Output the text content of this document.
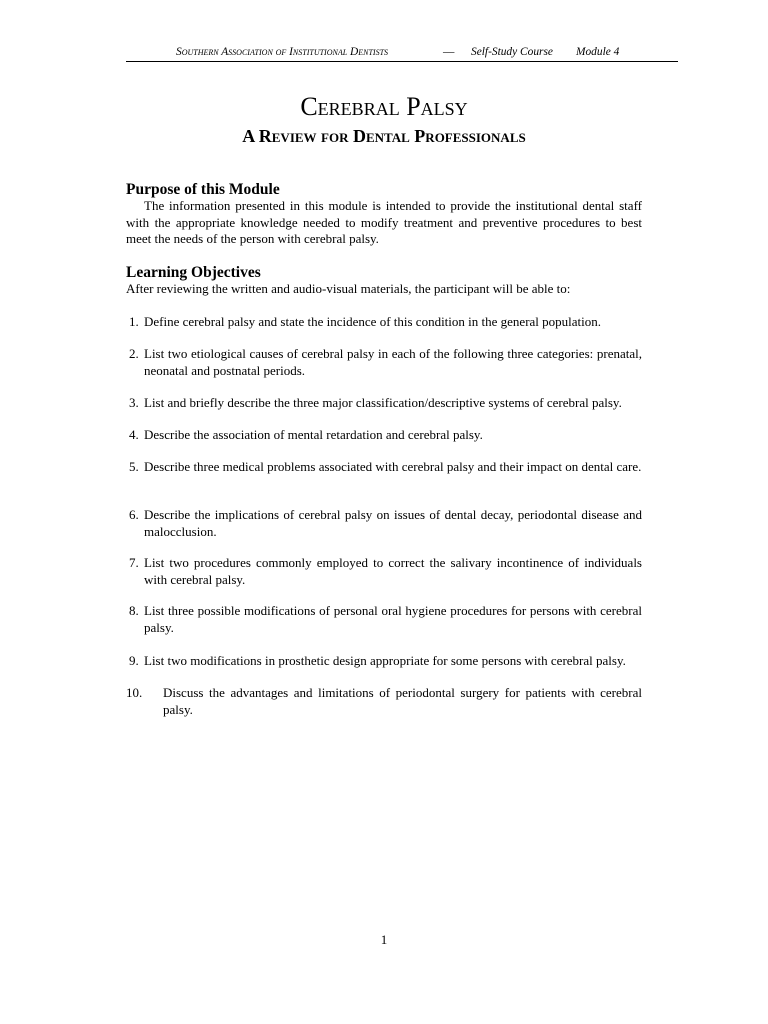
Southern Association of Institutional Dentists	— Self-Study Course Module 4
Cerebral Palsy
A Review for Dental Professionals
Purpose of this Module
The information presented in this module is intended to provide the institutional dental staff with the appropriate knowledge needed to modify treatment and preventive procedures to best meet the needs of the person with cerebral palsy.
Learning Objectives
After reviewing the written and audio-visual materials, the participant will be able to:
1. Define cerebral palsy and state the incidence of this condition in the general population.
2. List two etiological causes of cerebral palsy in each of the following three categories: prenatal, neonatal and postnatal periods.
3. List and briefly describe the three major classification/descriptive systems of cerebral palsy.
4. Describe the association of mental retardation and cerebral palsy.
5. Describe three medical problems associated with cerebral palsy and their impact on dental care.
6. Describe the implications of cerebral palsy on issues of dental decay, periodontal disease and malocclusion.
7. List two procedures commonly employed to correct the salivary incontinence of individuals with cerebral palsy.
8. List three possible modifications of personal oral hygiene procedures for persons with cerebral palsy.
9. List two modifications in prosthetic design appropriate for some persons with cerebral palsy.
10. Discuss the advantages and limitations of periodontal surgery for patients with cerebral palsy.
1
